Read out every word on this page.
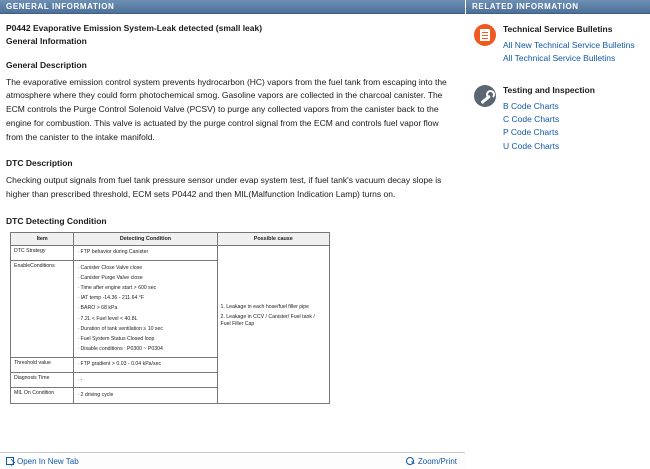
GENERAL INFORMATION
P0442 Evaporative Emission System-Leak detected (small leak)
General Information
General Description
The evaporative emission control system prevents hydrocarbon (HC) vapors from the fuel tank from escaping into the atmosphere where they could form photochemical smog. Gasoline vapors are collected in the charcoal canister. The ECM controls the Purge Control Solenoid Valve (PCSV) to purge any collected vapors from the canister back to the engine for combustion. This valve is actuated by the purge control signal from the ECM and controls fuel vapor flow from the canister to the intake manifold.
DTC Description
Checking output signals from fuel tank pressure sensor under evap system test, if fuel tank's vacuum decay slope is higher than prescribed threshold, ECM sets P0442 and then MIL(Malfunction Indication Lamp) turns on.
DTC Detecting Condition
Item	Detecting Condition	Possible cause
DTC Strategy	· FTP behavior during Canister	1. Leakage in each hose/fuel filler pipe
2. Leakage in CCV / Canister/ Fuel tank / Fuel Filler Cap

EnableConditions	· Canister Close Valve close
· Canister Purge Valve close
· Time after engine start > 600 sec
· IAT temp -14.36 - 211.64 °F
· BARO > 68 kPa
· 7.2L < Fuel level < 40.8L
· Duration of tank ventilation ≥ 10 sec
· Fuel System Status Closed loop
· Disable conditions : P0300 ~ P0304

Threshold value	· FTP gradient > 0.03 - 0.04 kPa/sec	

Diagnosis Time	· -	

MIL On Condition	· 2 driving cycle	
Open In New Tab	Zoom/Print
RELATED INFORMATION
Technical Service Bulletins
All New Technical Service Bulletins
All Technical Service Bulletins
Testing and Inspection
B Code Charts
C Code Charts
P Code Charts
U Code Charts
